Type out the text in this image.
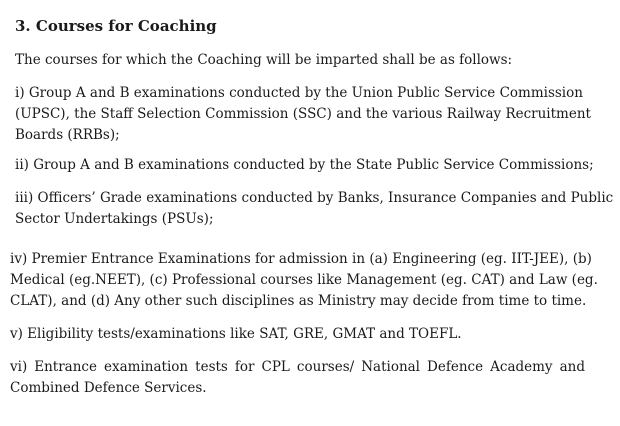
3. Courses for Coaching

The courses for which the Coaching will be imparted shall be as follows:

i) Group A and B examinations conducted by the Union Public Service Commission
(UPSC), the Staff Selection Commission (SSC) and the various Railway Recruitment
Boards (RRBs);

ii) Group A and B examinations conducted by the State Public Service Commissions;

iii) Officers’ Grade examinations conducted by Banks, Insurance Companies and Public
Sector Undertakings (PSUs);

iv) Premier Entrance Examinations for admission in (a) Engineering (eg. IIT-JEE), (b)
Medical (eg.NEET), (c) Professional courses like Management (eg. CAT) and Law (eg.
CLAT), and (d) Any other such disciplines as Ministry may decide from time to time.

v) Eligibility tests/examinations like SAT, GRE, GMAT and TOEFL.

vi) Entrance examination tests for CPL courses/ National Defence Academy and
Combined Defence Services.
